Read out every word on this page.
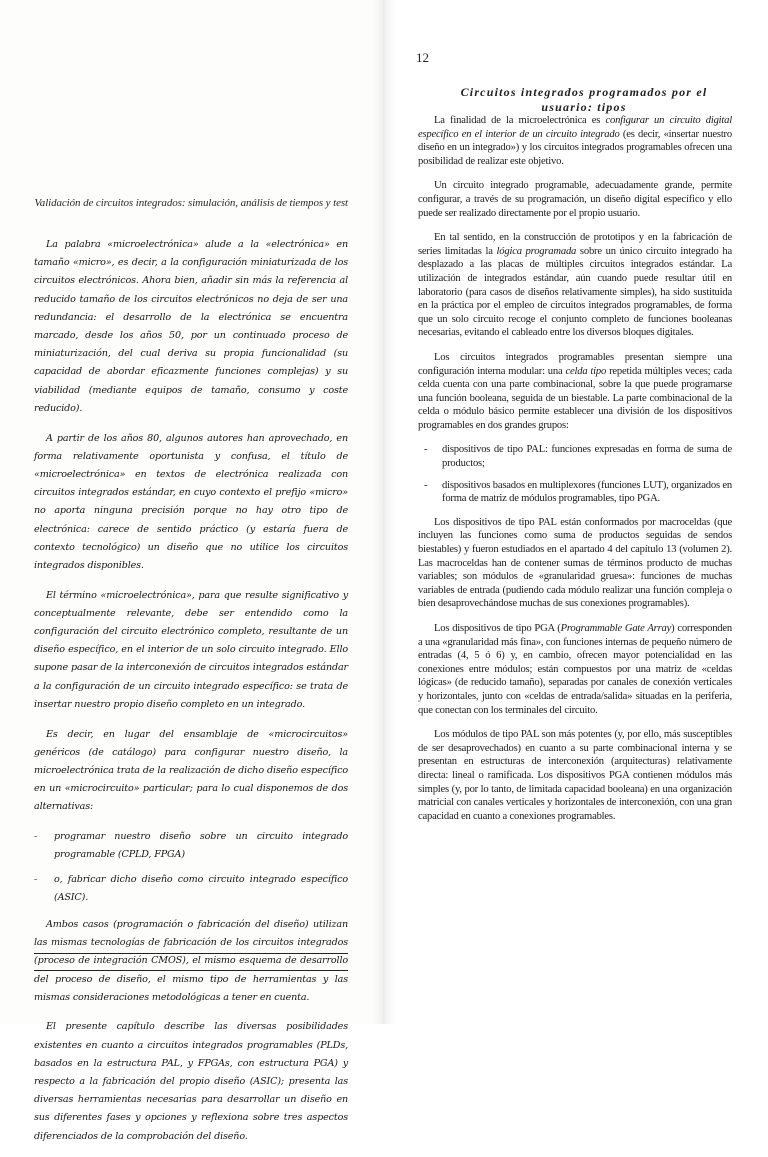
Validación de circuitos integrados: simulación, análisis de tiempos y test

La palabra «microelectrónica» alude a la «electrónica» en tamaño «micro», es decir, a la configuración miniaturizada de los circuitos electrónicos. Ahora bien, añadir sin más la referencia al reducido tamaño de los circuitos electrónicos no deja de ser una redundancia: el desarrollo de la electrónica se encuentra marcado, desde los años 50, por un continuado proceso de miniaturización, del cual deriva su propia funcionalidad (su capacidad de abordar eficazmente funciones complejas) y su viabilidad (mediante equipos de tamaño, consumo y coste reducido).

A partir de los años 80, algunos autores han aprovechado, en forma relativamente oportunista y confusa, el título de «microelectrónica» en textos de electrónica realizada con circuitos integrados estándar, en cuyo contexto el prefijo «micro» no aporta ninguna precisión porque no hay otro tipo de electrónica: carece de sentido práctico (y estaría fuera de contexto tecnológico) un diseño que no utilice los circuitos integrados disponibles.

El término «microelectrónica», para que resulte significativo y conceptualmente relevante, debe ser entendido como la configuración del circuito electrónico completo, resultante de un diseño específico, en el interior de un solo circuito integrado. Ello supone pasar de la interconexión de circuitos integrados estándar a la configuración de un circuito integrado específico: se trata de insertar nuestro propio diseño completo en un integrado.

Es decir, en lugar del ensamblaje de «microcircuitos» genéricos (de catálogo) para configurar nuestro diseño, la microelectrónica trata de la realización de dicho diseño específico en un «microcircuito» particular; para lo cual disponemos de dos alternativas:

- programar nuestro diseño sobre un circuito integrado programable (CPLD, FPGA)
- o, fabricar dicho diseño como circuito integrado específico (ASIC).

Ambos casos (programación o fabricación del diseño) utilizan las mismas tecnologías de fabricación de los circuitos integrados (proceso de integración CMOS), el mismo esquema de desarrollo del proceso de diseño, el mismo tipo de herramientas y las mismas consideraciones metodológicas a tener en cuenta.

El presente capítulo describe las diversas posibilidades existentes en cuanto a circuitos integrados programables (PLDs, basados en la estructura PAL, y FPGAs, con estructura PGA) y respecto a la fabricación del propio diseño (ASIC); presenta las diversas herramientas necesarias para desarrollar un diseño en sus diferentes fases y opciones y reflexiona sobre tres aspectos diferenciados de la comprobación del diseño.

12
Circuitos integrados programados por el usuario: tipos

La finalidad de la microelectrónica es configurar un circuito digital específico en el interior de un circuito integrado (es decir, «insertar nuestro diseño en un integrado») y los circuitos integrados programables ofrecen una posibilidad de realizar este objetivo.

Un circuito integrado programable, adecuadamente grande, permite configurar, a través de su programación, un diseño digital específico y ello puede ser realizado directamente por el propio usuario.

En tal sentido, en la construcción de prototipos y en la fabricación de series limitadas la lógica programada sobre un único circuito integrado ha desplazado a las placas de múltiples circuitos integrados estándar. La utilización de integrados estándar, aún cuando puede resultar útil en laboratorio (para casos de diseños relativamente simples), ha sido sustituida en la práctica por el empleo de circuitos integrados programables, de forma que un solo circuito recoge el conjunto completo de funciones booleanas necesarias, evitando el cableado entre los diversos bloques digitales.

Los circuitos integrados programables presentan siempre una configuración interna modular: una celda tipo repetida múltiples veces; cada celda cuenta con una parte combinacional, sobre la que puede programarse una función booleana, seguida de un biestable. La parte combinacional de la celda o módulo básico permite establecer una división de los dispositivos programables en dos grandes grupos:

- dispositivos de tipo PAL: funciones expresadas en forma de suma de productos;
- dispositivos basados en multiplexores (funciones LUT), organizados en forma de matriz de módulos programables, tipo PGA.

Los dispositivos de tipo PAL están conformados por macroceldas (que incluyen las funciones como suma de productos seguidas de sendos biestables) y fueron estudiados en el apartado 4 del capítulo 13 (volumen 2). Las macroceldas han de contener sumas de términos producto de muchas variables; son módulos de «granularidad gruesa»: funciones de muchas variables de entrada (pudiendo cada módulo realizar una función compleja o bien desaprovechándose muchas de sus conexiones programables).

Los dispositivos de tipo PGA (Programmable Gate Array) corresponden a una «granularidad más fina», con funciones internas de pequeño número de entradas (4, 5 ó 6) y, en cambio, ofrecen mayor potencialidad en las conexiones entre módulos; están compuestos por una matriz de «celdas lógicas» (de reducido tamaño), separadas por canales de conexión verticales y horizontales, junto con «celdas de entrada/salida» situadas en la periferia, que conectan con los terminales del circuito.

Los módulos de tipo PAL son más potentes (y, por ello, más susceptibles de ser desaprovechados) en cuanto a su parte combinacional interna y se presentan en estructuras de interconexión (arquitecturas) relativamente directa: lineal o ramificada. Los dispositivos PGA contienen módulos más simples (y, por lo tanto, de limitada capacidad booleana) en una organización matricial con canales verticales y horizontales de interconexión, con una gran capacidad en cuanto a conexiones programables.
